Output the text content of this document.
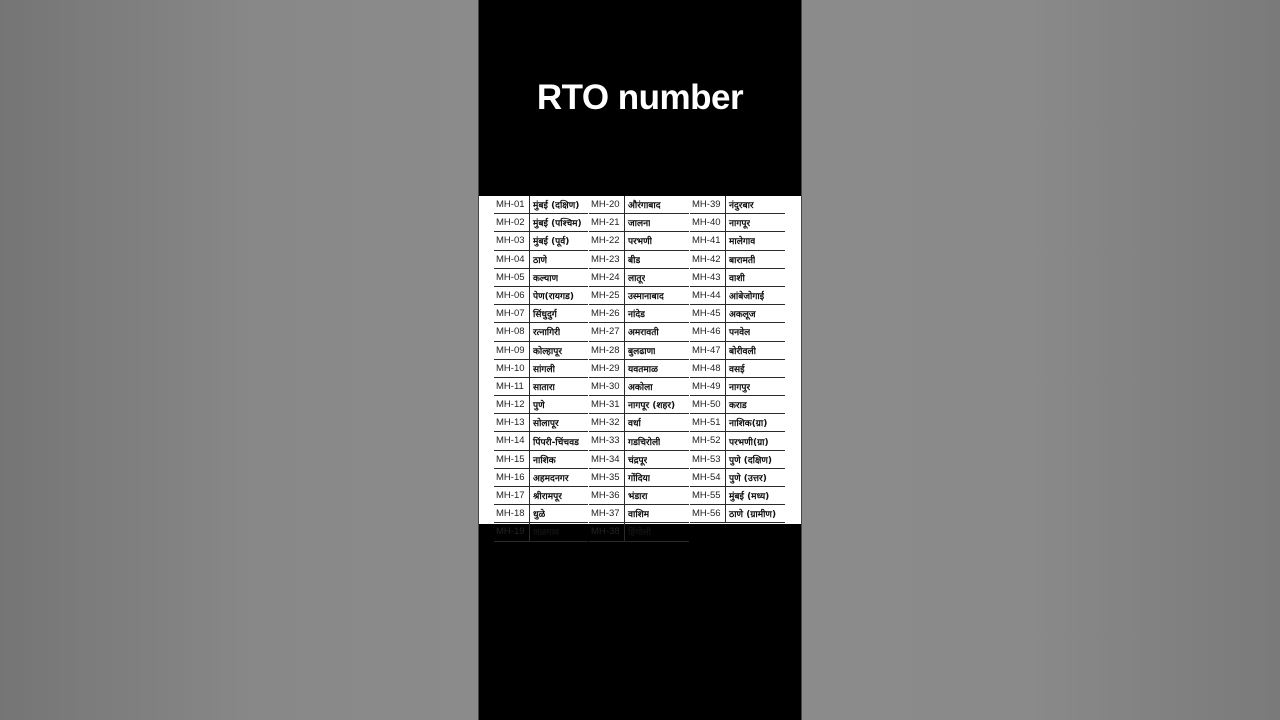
RTO number
MH-01 मुंबई (दक्षिण)
MH-02 मुंबई (पश्चिम)
MH-03 मुंबई (पूर्व)
MH-04 ठाणे
MH-05 कल्याण
MH-06 पेण(रायगड)
MH-07 सिंधुदुर्ग
MH-08 रत्नागिरी
MH-09 कोल्हापूर
MH-10 सांगली
MH-11	सातारा
MH-12 पुणे
MH-13 सोलापूर
MH-14 पिंपरी-चिंचवड
MH-15 नाशिक
MH-16 अहमदनगर
MH-17 श्रीरामपूर
MH-18 धुळे
MH-19 जळगाव
MH-20 औरंगाबाद
MH-21 जालना
MH-22 परभणी
MH-23 बीड
MH-24 लातूर
MH-25 उस्मानाबाद
MH-26 नांदेड
MH-27 अमरावती
MH-28 बुलढाणा
MH-29 यवतमाळ
MH-30 अकोला
MH-31 नागपूर (शहर)
MH-32 वर्धा
MH-33 गडचिरोली
MH-34 चंद्रपूर
MH-35 गोंदिया
MH-36 भंडारा
MH-37 वाशिम
MH-38 हिंगोली
MH-39 नंदुरबार
MH-40 नागपूर
MH-41 मालेगाव
MH-42 बारामती
MH-43 वाशी
MH-44 आंबेजोगाई
MH-45 अकलूज
MH-46 पनवेल
MH-47 बोरीवली
MH-48 वसई
MH-49 नागपुर
MH-50 कराड
MH-51 नाशिक(ग्रा)
MH-52 परभणी(ग्रा)
MH-53 पुणे (दक्षिण)
MH-54 पुणे (उत्तर)
MH-55 मुंबई (मध्य)
MH-56 ठाणे (ग्रामीण)
